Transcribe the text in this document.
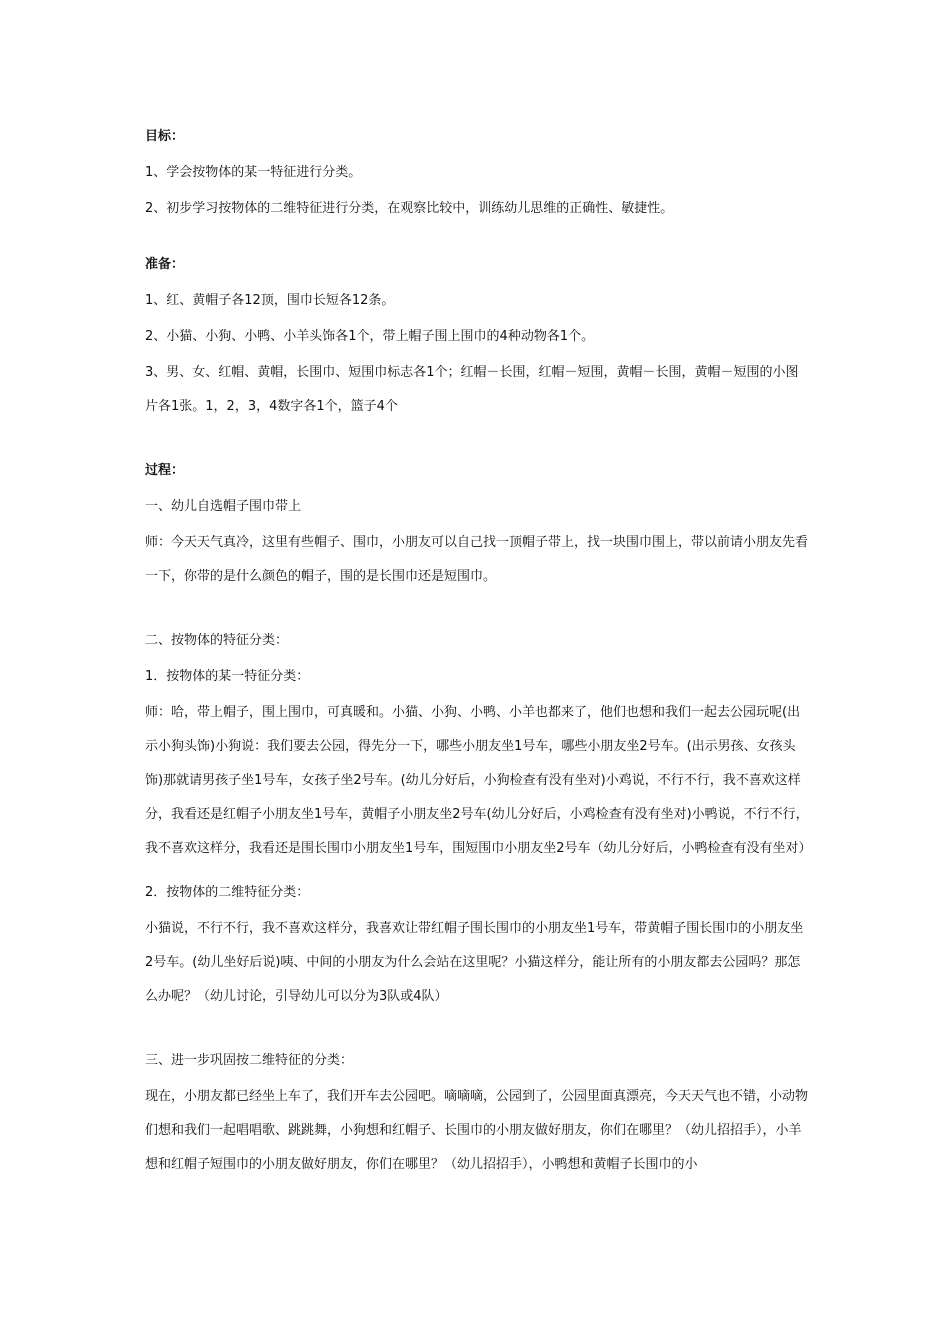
目标：
1、学会按物体的某一特征进行分类。
2、初步学习按物体的二维特征进行分类，在观察比较中，训练幼儿思维的正确性、敏捷性。
准备：
1、红、黄帽子各12顶，围巾长短各12条。
2、小猫、小狗、小鸭、小羊头饰各1个，带上帽子围上围巾的4种动物各1个。
3、男、女、红帽、黄帽，长围巾、短围巾标志各1个；红帽－长围，红帽－短围，黄帽－长围，黄帽－短围的小图片各1张。1，2，3，4数字各1个，篮子4个
过程：
一、幼儿自选帽子围巾带上
师：今天天气真冷，这里有些帽子、围巾，小朋友可以自己找一顶帽子带上，找一块围巾围上，带以前请小朋友先看一下，你带的是什么颜色的帽子，围的是长围巾还是短围巾。
二、按物体的特征分类：
1．按物体的某一特征分类：
师：哈，带上帽子，围上围巾，可真暖和。小猫、小狗、小鸭、小羊也都来了，他们也想和我们一起去公园玩呢(出示小狗头饰)小狗说：我们要去公园，得先分一下，哪些小朋友坐1号车，哪些小朋友坐2号车。(出示男孩、女孩头饰)那就请男孩子坐1号车，女孩子坐2号车。(幼儿分好后，小狗检查有没有坐对)小鸡说，不行不行，我不喜欢这样分，我看还是红帽子小朋友坐1号车，黄帽子小朋友坐2号车(幼儿分好后，小鸡检查有没有坐对)小鸭说，不行不行，我不喜欢这样分，我看还是围长围巾小朋友坐1号车，围短围巾小朋友坐2号车（幼儿分好后，小鸭检查有没有坐对）
2．按物体的二维特征分类：
小猫说，不行不行，我不喜欢这样分，我喜欢让带红帽子围长围巾的小朋友坐1号车，带黄帽子围长围巾的小朋友坐2号车。(幼儿坐好后说)咦、中间的小朋友为什么会站在这里呢？小猫这样分，能让所有的小朋友都去公园吗？那怎么办呢？（幼儿讨论，引导幼儿可以分为3队或4队）
三、进一步巩固按二维特征的分类：
现在，小朋友都已经坐上车了，我们开车去公园吧。嘀嘀嘀，公园到了，公园里面真漂亮，今天天气也不错，小动物们想和我们一起唱唱歌、跳跳舞，小狗想和红帽子、长围巾的小朋友做好朋友，你们在哪里？（幼儿招招手），小羊想和红帽子短围巾的小朋友做好朋友，你们在哪里？（幼儿招招手），小鸭想和黄帽子长围巾的小
